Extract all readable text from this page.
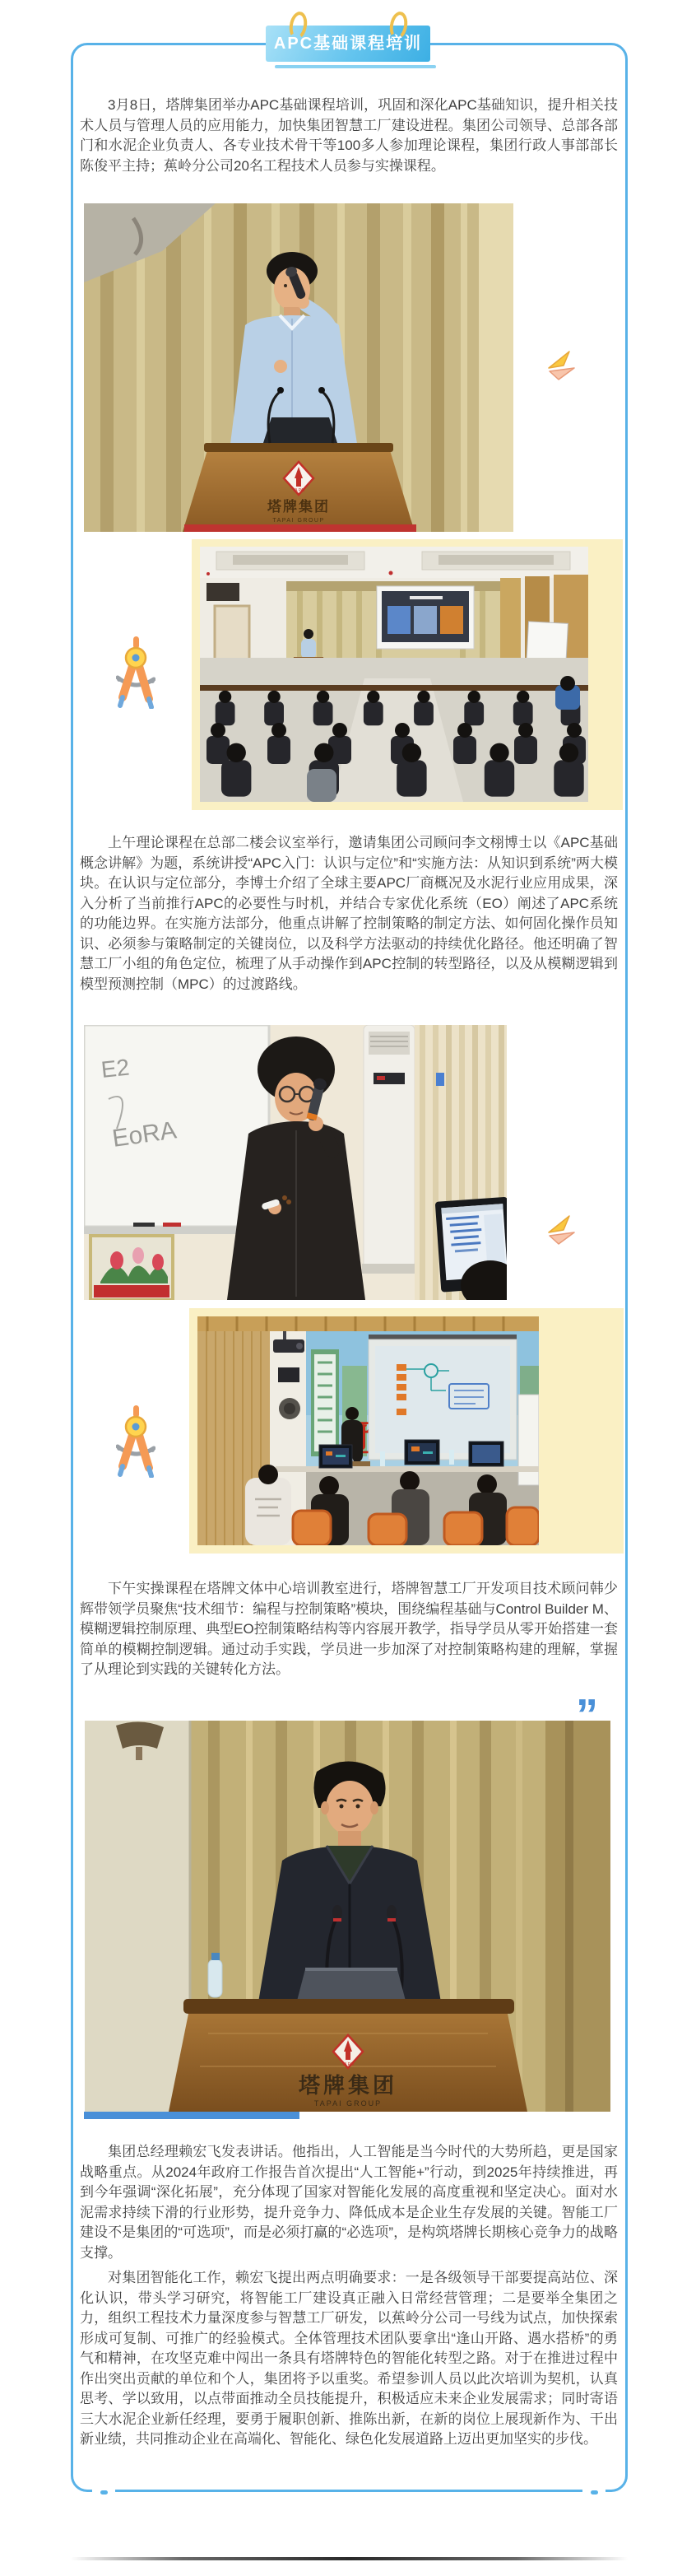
APC基础课程培训

3月8日，塔牌集团举办APC基础课程培训，巩固和深化APC基础知识，提升相关技术人员与管理人员的应用能力，加快集团智慧工厂建设进程。集团公司领导、总部各部门和水泥企业负责人、各专业技术骨干等100多人参加理论课程，集团行政人事部部长陈俊平主持；蕉岭分公司20名工程技术人员参与实操课程。

TA PAI
塔牌集团
TAPAI GROUP

上午理论课程在总部二楼会议室举行，邀请集团公司顾问李文栩博士以《APC基础概念讲解》为题，系统讲授“APC入门：认识与定位”和“实施方法：从知识到系统”两大模块。在认识与定位部分，李博士介绍了全球主要APC厂商概况及水泥行业应用成果，深入分析了当前推行APC的必要性与时机，并结合专家优化系统（EO）阐述了APC系统的功能边界。在实施方法部分，他重点讲解了控制策略的制定方法、如何固化操作员知识、必须参与策略制定的关键岗位，以及科学方法驱动的持续优化路径。他还明确了智慧工厂小组的角色定位，梳理了从手动操作到APC控制的转型路径，以及从模糊逻辑到模型预测控制（MPC）的过渡路线。

E2
EoRA

下午实操课程在塔牌文体中心培训教室进行，塔牌智慧工厂开发项目技术顾问韩少辉带领学员聚焦“技术细节：编程与控制策略”模块，围绕编程基础与Control Builder M、模糊逻辑控制原理、典型EO控制策略结构等内容展开教学，指导学员从零开始搭建一套简单的模糊控制逻辑。通过动手实践，学员进一步加深了对控制策略构建的理解，掌握了从理论到实践的关键转化方法。

”
TA PAI
塔牌集团
TAPAI GROUP

集团总经理赖宏飞发表讲话。他指出，人工智能是当今时代的大势所趋，更是国家战略重点。从2024年政府工作报告首次提出“人工智能+”行动，到2025年持续推进，再到今年强调“深化拓展”，充分体现了国家对智能化发展的高度重视和坚定决心。面对水泥需求持续下滑的行业形势，提升竞争力、降低成本是企业生存发展的关键。智能工厂建设不是集团的“可选项”，而是必须打赢的“必选项”，是构筑塔牌长期核心竞争力的战略支撑。

对集团智能化工作，赖宏飞提出两点明确要求：一是各级领导干部要提高站位、深化认识，带头学习研究，将智能工厂建设真正融入日常经营管理；二是要举全集团之力，组织工程技术力量深度参与智慧工厂研发，以蕉岭分公司一号线为试点，加快探索形成可复制、可推广的经验模式。全体管理技术团队要拿出“逢山开路、遇水搭桥”的勇气和精神，在攻坚克难中闯出一条具有塔牌特色的智能化转型之路。对于在推进过程中作出突出贡献的单位和个人，集团将予以重奖。希望参训人员以此次培训为契机，认真思考、学以致用，以点带面推动全员技能提升，积极适应未来企业发展需求；同时寄语三大水泥企业新任经理，要勇于履职创新、推陈出新，在新的岗位上展现新作为、干出新业绩，共同推动企业在高端化、智能化、绿色化发展道路上迈出更加坚实的步伐。
